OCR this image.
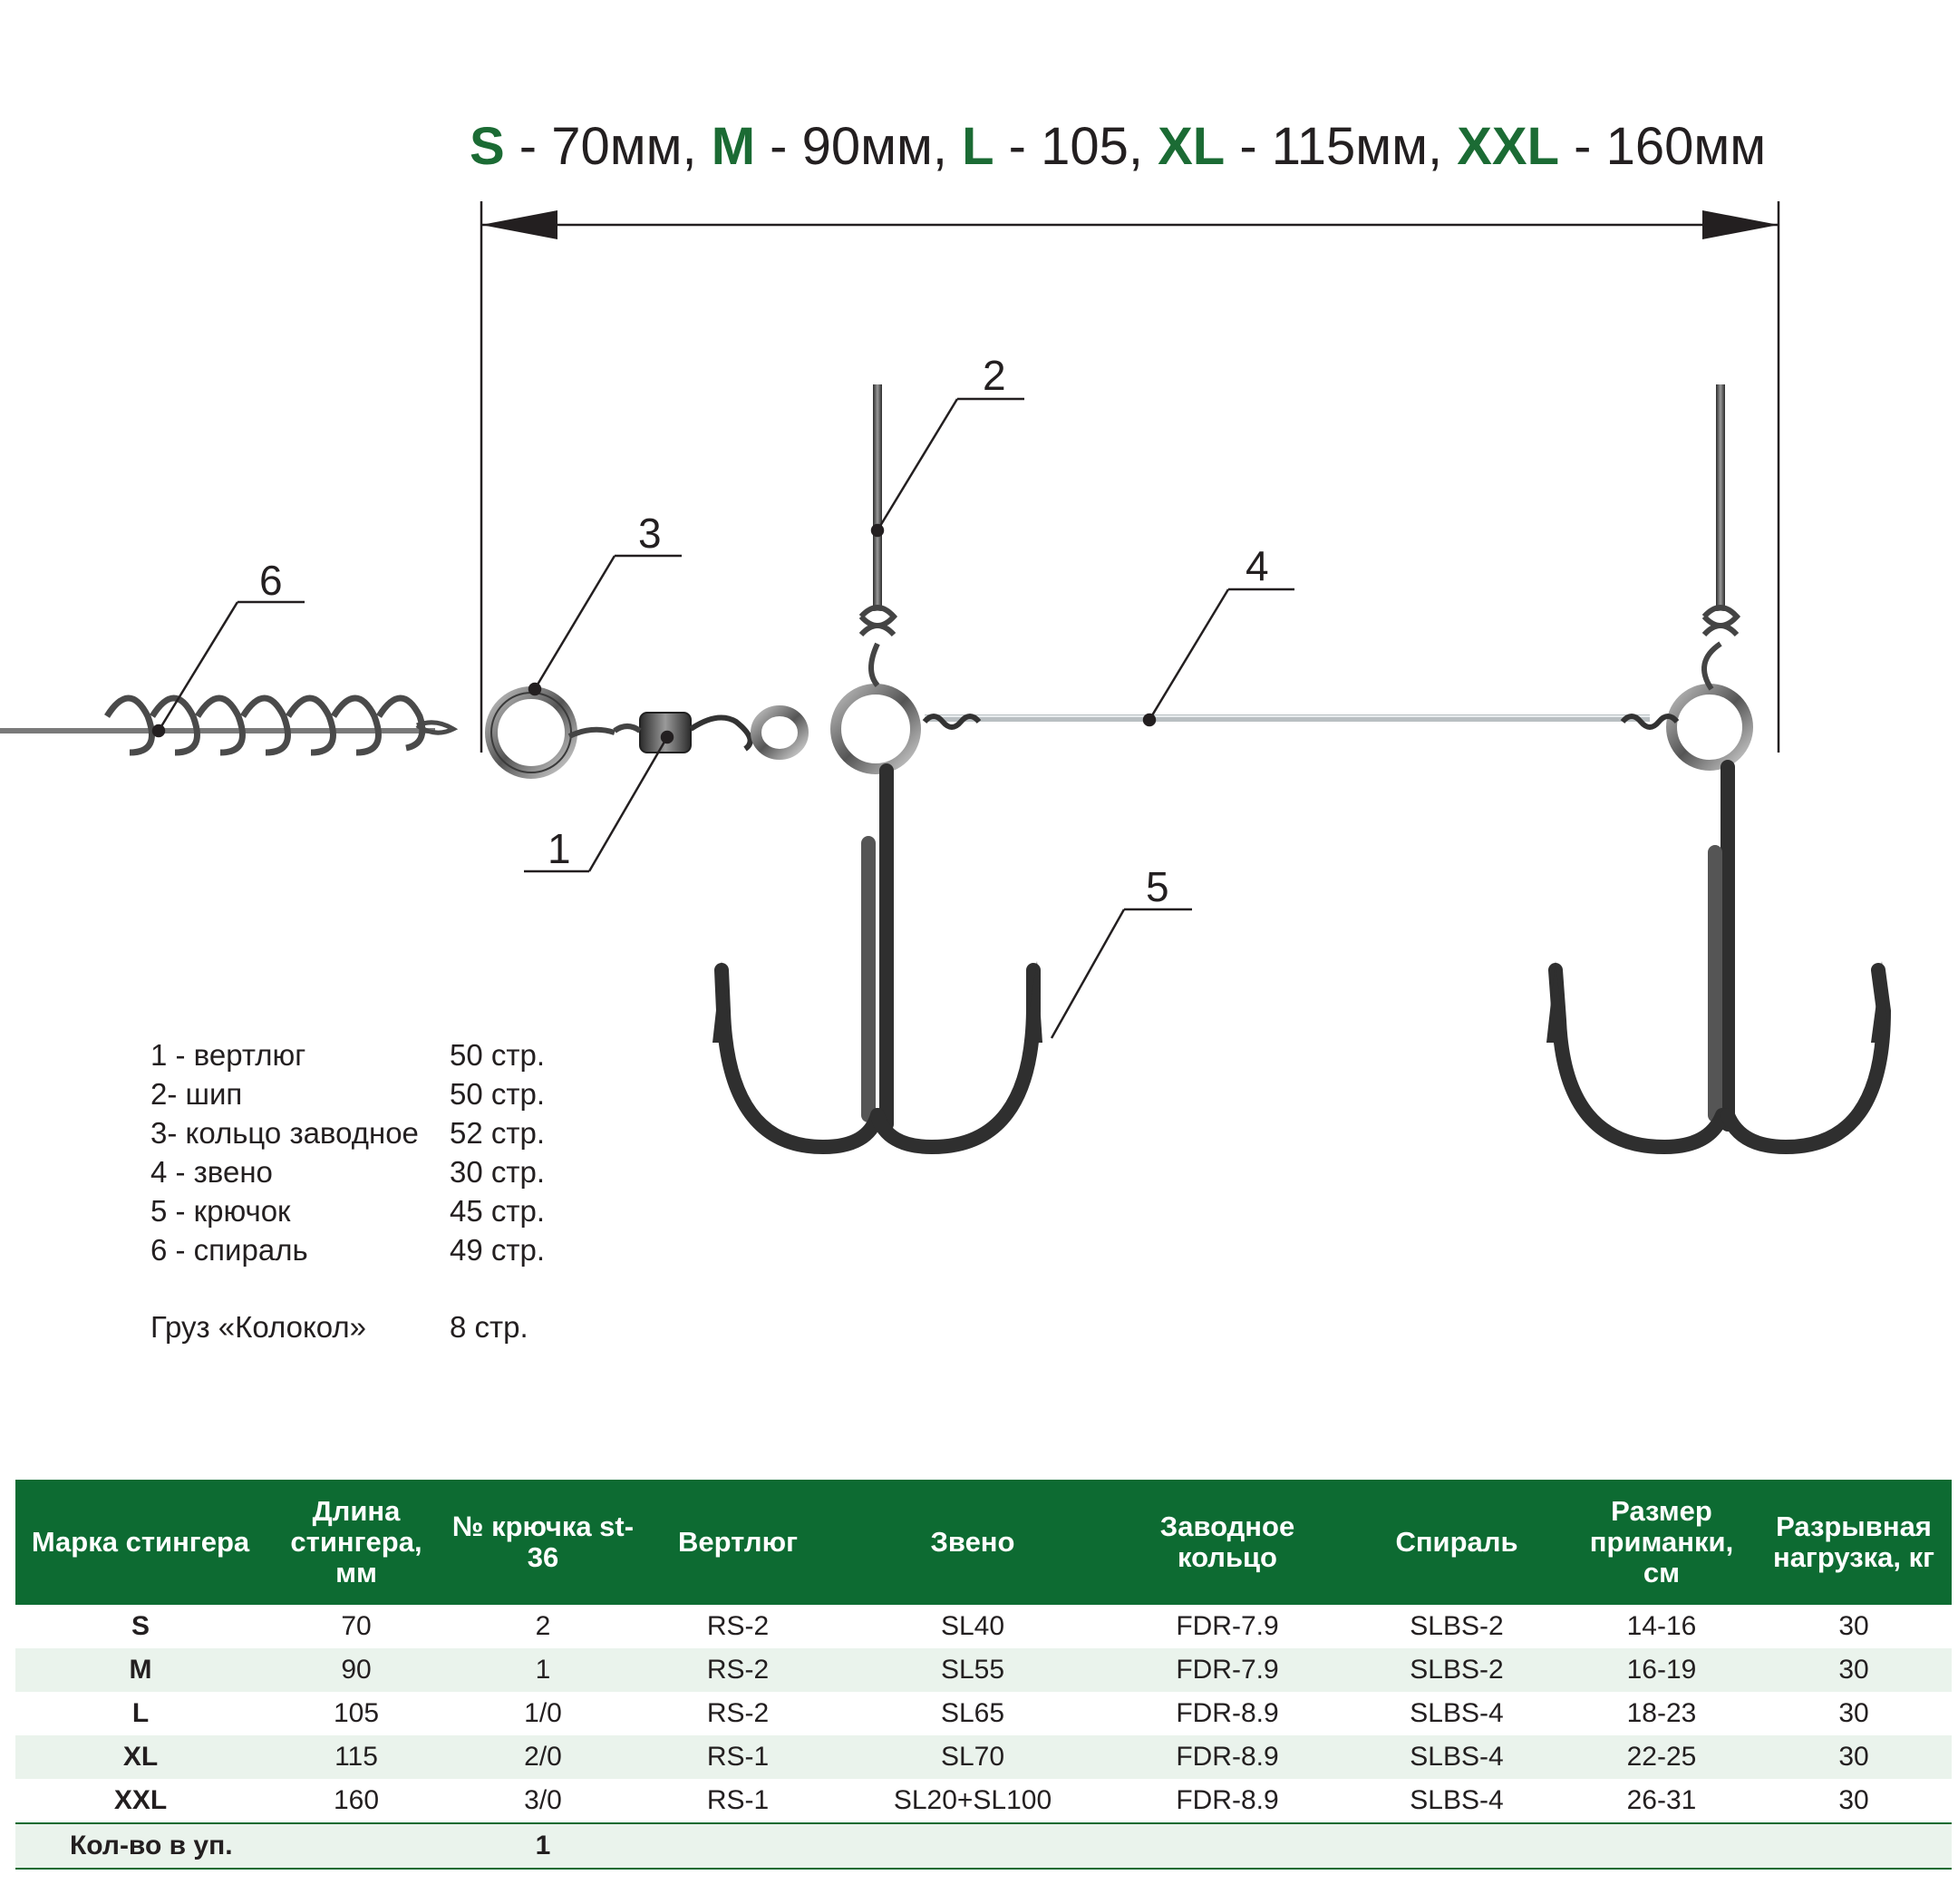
S - 70мм, M - 90мм, L - 105, XL - 115мм, XXL - 160мм
6
3
1
2
4
5
1 - вертлюг	50 стр.
2- шип	50 стр.
3- кольцо заводное 52 стр.
4 - звено	30 стр.
5 - крючок	45 стр.
6 - спираль	49 стр.
Груз «Колокол»	8 стр.
Марка стингера	Длина стингера, мм	№ крючка st-36	Вертлюг	Звено	Заводное кольцо	Спираль	Размер приманки, см	Разрывная нагрузка, кг
S	70	2	RS-2	SL40	FDR-7.9	SLBS-2	14-16	30
M	90	1	RS-2	SL55	FDR-7.9	SLBS-2	16-19	30
L	105	1/0	RS-2	SL65	FDR-8.9	SLBS-4	18-23	30
XL	115	2/0	RS-1	SL70	FDR-8.9	SLBS-4	22-25	30
XXL	160	3/0	RS-1	SL20+SL100	FDR-8.9	SLBS-4	26-31	30
Кол-во в уп.		1						
